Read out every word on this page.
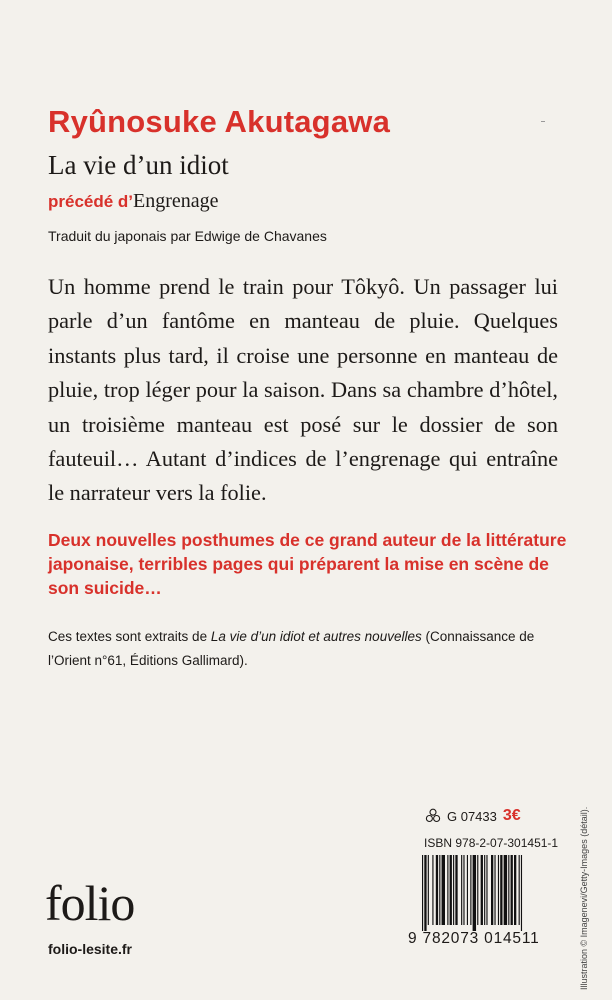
Ryûnosuke Akutagawa
La vie d’un idiot
précédé d’Engrenage
Traduit du japonais par Edwige de Chavanes

Un homme prend le train pour Tôkyô. Un passager lui parle d’un fantôme en manteau de pluie. Quelques instants plus tard, il croise une personne en manteau de pluie, trop léger pour la saison. Dans sa chambre d’hôtel, un troisième manteau est posé sur le dossier de son fauteuil… Autant d’indices de l’engrenage qui entraîne le narrateur vers la folie.

Deux nouvelles posthumes de ce grand auteur de la littérature japonaise, terribles pages qui préparent la mise en scène de son suicide…

Ces textes sont extraits de La vie d’un idiot et autres nouvelles (Connaissance de l’Orient n°61, Éditions Gallimard).

Illustration © Imagenevi/Getty-Images (détail).
G 07433 3€
ISBN 978-2-07-301451-1
9 782073 014511
folio
folio-lesite.fr
